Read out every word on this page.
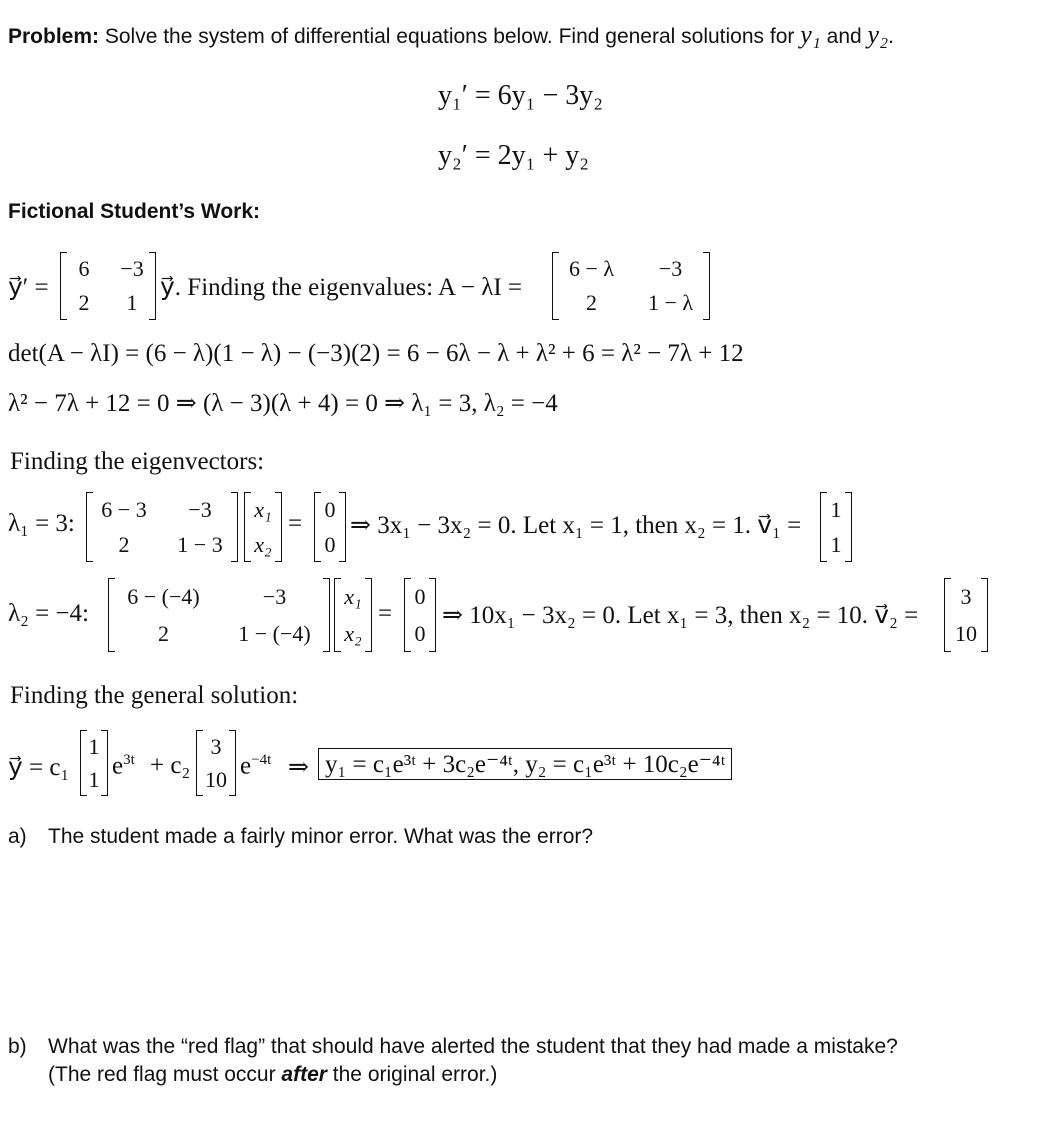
Problem: Solve the system of differential equations below. Find general solutions for y₁ and y₂.
y₁′ = 6y₁ − 3y₂
y₂′ = 2y₁ + y₂
Fictional Student’s Work:
y⃗′ =
6	−3
2	1
y⃗. Finding the eigenvalues: A − λI =
6 − λ	−3
2	1 − λ
det(A − λI) = (6 − λ)(1 − λ) − (−3)(2) = 6 − 6λ − λ + λ² + 6 = λ² − 7λ + 12
λ² − 7λ + 12 = 0 ⇒ (λ − 3)(λ + 4) = 0 ⇒ λ₁ = 3, λ₂ = −4
Finding the eigenvectors:
λ₁ = 3:
6 − 3	−3
2	1 − 3
x₁
x₂
=
0
0
⇒ 3x₁ − 3x₂ = 0. Let x₁ = 1, then x₂ = 1. v⃗₁ =
1
1
λ₂ = −4:
6 − (−4)	−3
2	1 − (−4)
x₁
x₂
=
0
0
⇒ 10x₁ − 3x₂ = 0. Let x₁ = 3, then x₂ = 10. v⃗₂ =
3
10
Finding the general solution:
y⃗ = c₁
1
1 $e^{3t} + c_2$
3
10 $e^{-4t}$ ⇒ y₁ = c₁e³ᵗ + 3c₂e⁻⁴ᵗ, y₂ = c₁e³ᵗ + 10c₂e⁻⁴ᵗ
a) The student made a fairly minor error. What was the error?
b) What was the “red flag” that should have alerted the student that they had made a mistake?
(The red flag must occur after the original error.)
